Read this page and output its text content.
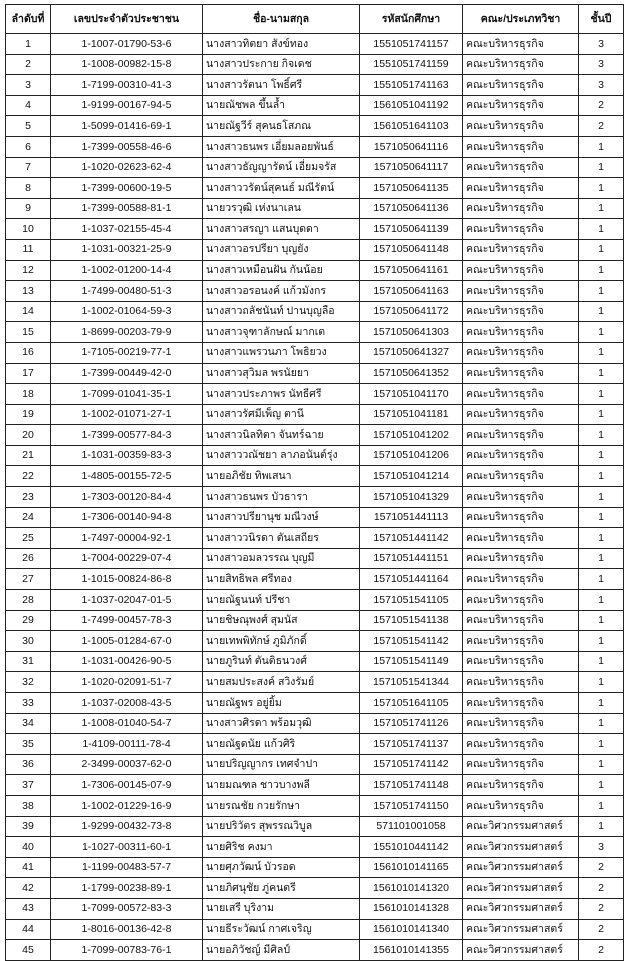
ลำดับที่	เลขประจำตัวประชาชน	ชื่อ-นามสกุล	รหัสนักศึกษา	คณะ/ประเภทวิชา	ชั้นปี
1	1-1007-01790-53-6	นางสาวทิตยา สังข์ทอง	1551051741157	คณะบริหารธุรกิจ	3
2	1-1008-00982-15-8	นางสาวประกาย กิจเดช	1551051741159	คณะบริหารธุรกิจ	3
3	1-7199-00310-41-3	นางสาวรัตนา โพธิ์ศรี	1551051741163	คณะบริหารธุรกิจ	3
4	1-9199-00167-94-5	นายณัชพล ขึ้นล้ำ	1561051041192	คณะบริหารธุรกิจ	2
5	1-5099-01416-69-1	นายณัฐวีร์ สุคนธโสภณ	1561051641103	คณะบริหารธุรกิจ	2
6	1-7399-00558-46-6	นางสาวธนพร เอี่ยมลอยพันธ์	1571050641116	คณะบริหารธุรกิจ	1
7	1-1020-02623-62-4	นางสาวธัญญารัตน์ เอี่ยมจรัส	1571050641117	คณะบริหารธุรกิจ	1
8	1-7399-00600-19-5	นางสาววรัตน์สุคนธ์ มณีรัตน์	1571050641135	คณะบริหารธุรกิจ	1
9	1-7399-00588-81-1	นายวรวุฒิ เห่งนาเลน	1571050641136	คณะบริหารธุรกิจ	1
10	1-1037-02155-45-4	นางสาวสรญา แสนบุดดา	1571050641139	คณะบริหารธุรกิจ	1
11	1-1031-00321-25-9	นางสาวอรปรียา บุญยัง	1571050641148	คณะบริหารธุรกิจ	1
12	1-1002-01200-14-4	นางสาวเหมือนฝัน กันน้อย	1571050641161	คณะบริหารธุรกิจ	1
13	1-7499-00480-51-3	นางสาวอรอนงค์ แก้วมังกร	1571050641163	คณะบริหารธุรกิจ	1
14	1-1002-01064-59-3	นางสาวถลัชนันท์ ปานบุญลือ	1571050641172	คณะบริหารธุรกิจ	1
15	1-8699-00203-79-9	นางสาวจุฑาลักษณ์ มากเต	1571050641303	คณะบริหารธุรกิจ	1
16	1-7105-00219-77-1	นางสาวแพรวนภา โพธิยวง	1571050641327	คณะบริหารธุรกิจ	1
17	1-7399-00449-42-0	นางสาวสุวิมล พรนัยยา	1571050641352	คณะบริหารธุรกิจ	1
18	1-7099-01041-35-1	นางสาวประภาพร นัทธีศรี	1571051041170	คณะบริหารธุรกิจ	1
19	1-1002-01071-27-1	นางสาวรัศมีเพ็ญ ตานี	1571051041181	คณะบริหารธุรกิจ	1
20	1-7399-00577-84-3	นางสาวนิลทิตา จันทร์ฉาย	1571051041202	คณะบริหารธุรกิจ	1
21	1-1031-00359-83-3	นางสาววณัชยา ลาภอนันต์รุ่ง	1571051041206	คณะบริหารธุรกิจ	1
22	1-4805-00155-72-5	นายอภิชัย ทิพเสนา	1571051041214	คณะบริหารธุรกิจ	1
23	1-7303-00120-84-4	นางสาวธนพร บัวธารา	1571051041329	คณะบริหารธุรกิจ	1
24	1-7306-00140-94-8	นางสาวปรียานุช มณีวงษ์	1571051441113	คณะบริหารธุรกิจ	1
25	1-7497-00004-92-1	นางสาววนิรดา ตันเสถียร	1571051441142	คณะบริหารธุรกิจ	1
26	1-7004-00229-07-4	นางสาวอมลวรรณ บุญมี	1571051441151	คณะบริหารธุรกิจ	1
27	1-1015-00824-86-8	นายสิทธิพล ศรีทอง	1571051441164	คณะบริหารธุรกิจ	1
28	1-1037-02047-01-5	นายณัฐนนท์ ปรีชา	1571051541105	คณะบริหารธุรกิจ	1
29	1-7499-00457-78-3	นายชิษณุพงศ์ สุมนัส	1571051541138	คณะบริหารธุรกิจ	1
30	1-1005-01284-67-0	นายเทพพิทักษ์ ภูมิภักดิ์	1571051541142	คณะบริหารธุรกิจ	1
31	1-1031-00426-90-5	นายภูรินท์ ตันติธนวงศ์	1571051541149	คณะบริหารธุรกิจ	1
32	1-1020-02091-51-7	นายสมประสงค์ สวิงรัมย์	1571051541344	คณะบริหารธุรกิจ	1
33	1-1037-02008-43-5	นายณัฐพร อยู่ยิ้ม	1571051641105	คณะบริหารธุรกิจ	1
34	1-1008-01040-54-7	นางสาวศิรดา พร้อมวุฒิ	1571051741126	คณะบริหารธุรกิจ	1
35	1-4109-00111-78-4	นายณัฐดนัย แก้วศิริ	1571051741137	คณะบริหารธุรกิจ	1
36	2-3499-00037-62-0	นายปริญญากร เทศจำปา	1571051741142	คณะบริหารธุรกิจ	1
37	1-7306-00145-07-9	นายมณฑล ชาวบางพลี	1571051741148	คณะบริหารธุรกิจ	1
38	1-1002-01229-16-9	นายรณชัย กวยรักษา	1571051741150	คณะบริหารธุรกิจ	1
39	1-9299-00432-73-8	นายปริวัตร สุพรรณวิบูล	571101001058	คณะวิศวกรรมศาสตร์	1
40	1-1027-00311-60-1	นายศิริช คงมา	1551010441142	คณะวิศวกรรมศาสตร์	3
41	1-1199-00483-57-7	นายศุภวัฒน์ บัวรอด	1561010141165	คณะวิศวกรรมศาสตร์	2
42	1-1799-00238-89-1	นายภิศนุชัย ภู่คนตรี	1561010141320	คณะวิศวกรรมศาสตร์	2
43	1-7099-00572-83-3	นายเสรี บุริงาม	1561010141328	คณะวิศวกรรมศาสตร์	2
44	1-8016-00136-42-8	นายธีระวัฒน์ กาศเจริญ	1561010141340	คณะวิศวกรรมศาสตร์	2
45	1-7099-00783-76-1	นายอภิวัชญ์ มีศิลป์	1561010141355	คณะวิศวกรรมศาสตร์	2
